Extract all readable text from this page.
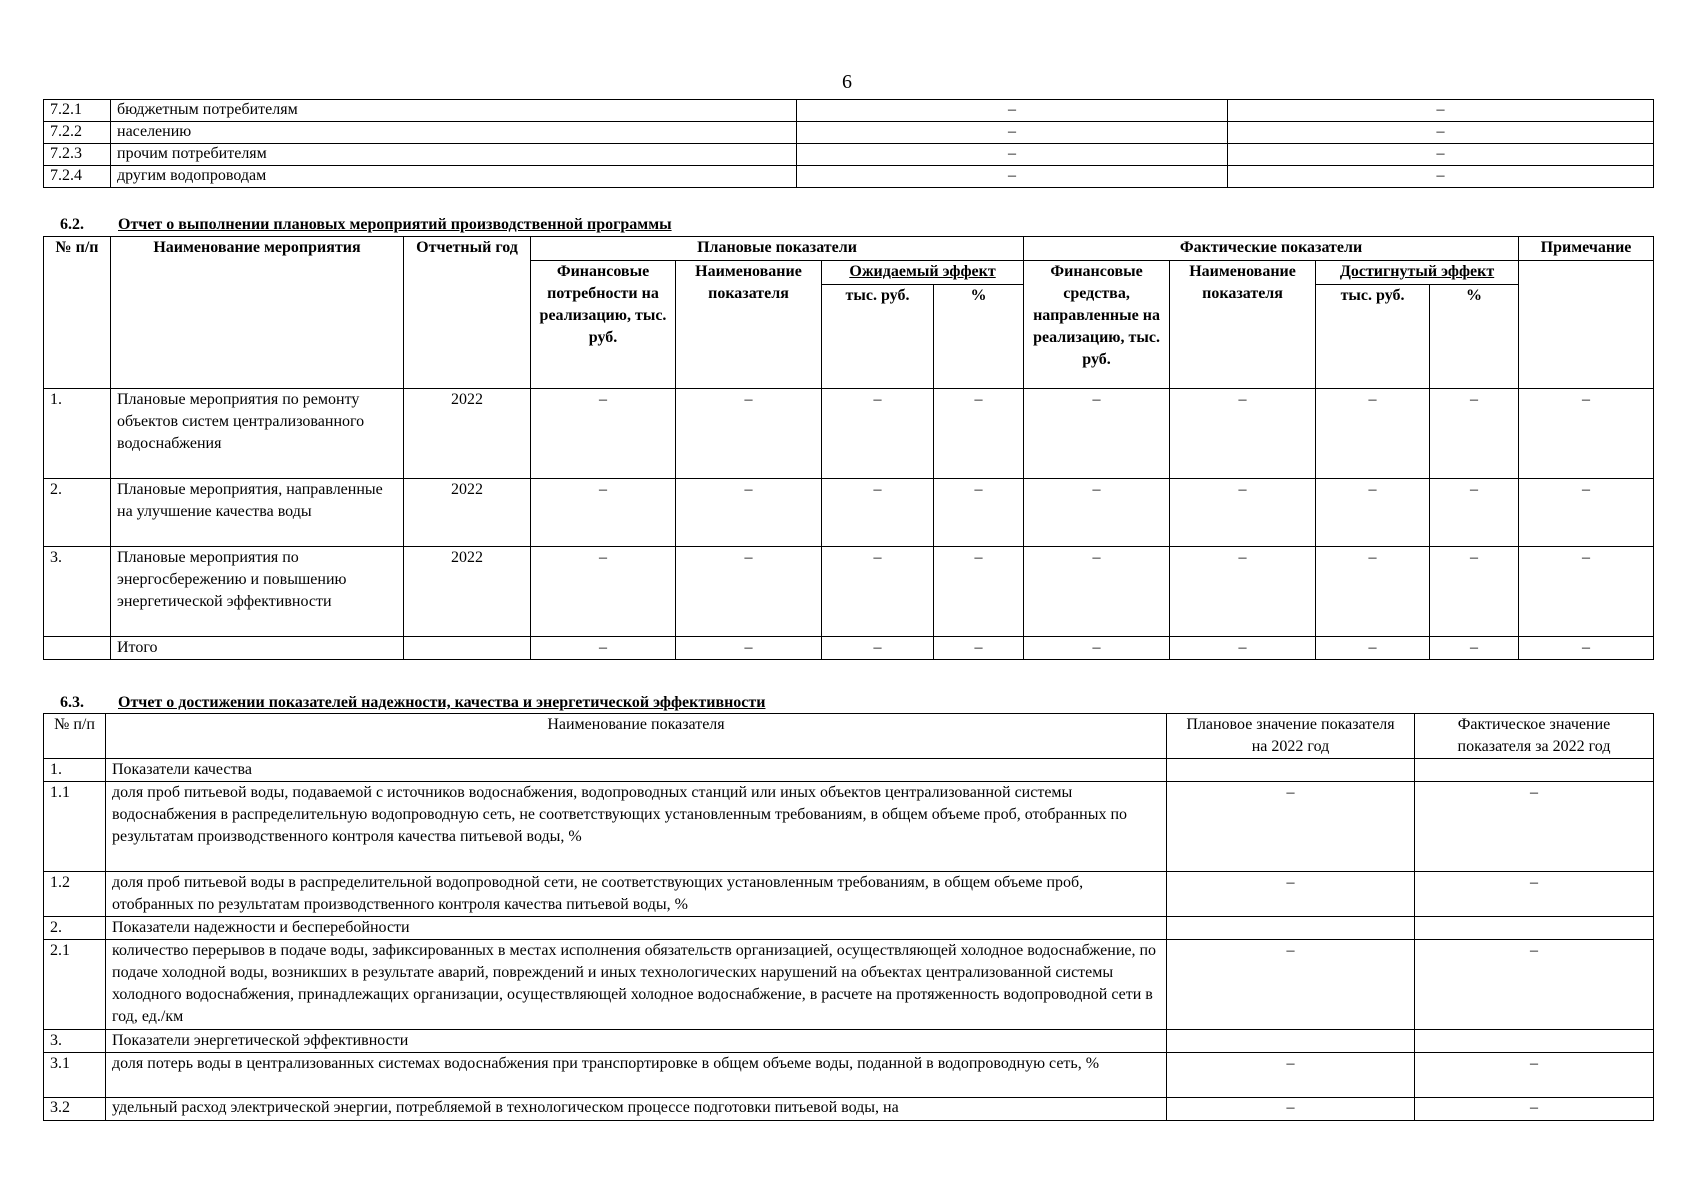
6
7.2.1	бюджетным потребителям	–	–
7.2.2	населению	–	–
7.2.3	прочим потребителям	–	–
7.2.4	другим водопроводам	–	–
6.2. Отчет о выполнении плановых мероприятий производственной программы
№ п/п	Наименование мероприятия	Отчетный год	Плановые показатели				Фактические показатели				Примечание
			Финансовые потребности на реализацию, тыс. руб.	Наименование показателя	Ожидаемый эффект		Финансовые средства, направленные на реализацию, тыс. руб.	Наименование показателя	Достигнутый эффект		
					тыс. руб.	%			тыс. руб.	%	
1.	Плановые мероприятия по ремонту объектов систем централизованного водоснабжения	2022	–	–	–	–	–	–	–	–	–
2.	Плановые мероприятия, направленные на улучшение качества воды	2022	–	–	–	–	–	–	–	–	–
3.	Плановые мероприятия по энергосбережению и повышению энергетической эффективности	2022	–	–	–	–	–	–	–	–	–
	Итого		–	–	–	–	–	–	–	–	–
6.3. Отчет о достижении показателей надежности, качества и энергетической эффективности
№ п/п	Наименование показателя	Плановое значение показателя на 2022 год	Фактическое значение показателя за 2022 год
1.	Показатели качества		
1.1	доля проб питьевой воды, подаваемой с источников водоснабжения, водопроводных станций или иных объектов централизованной системы водоснабжения в распределительную водопроводную сеть, не соответствующих установленным требованиям, в общем объеме проб, отобранных по результатам производственного контроля качества питьевой воды, %	–	–
1.2	доля проб питьевой воды в распределительной водопроводной сети, не соответствующих установленным требованиям, в общем объеме проб, отобранных по результатам производственного контроля качества питьевой воды, %	–	–
2.	Показатели надежности и бесперебойности		
2.1	количество перерывов в подаче воды, зафиксированных в местах исполнения обязательств организацией, осуществляющей холодное водоснабжение, по подаче холодной воды, возникших в результате аварий, повреждений и иных технологических нарушений на объектах централизованной системы холодного водоснабжения, принадлежащих организации, осуществляющей холодное водоснабжение, в расчете на протяженность водопроводной сети в год, ед./км	–	–
3.	Показатели энергетической эффективности		
3.1	доля потерь воды в централизованных системах водоснабжения при транспортировке в общем объеме воды, поданной в водопроводную сеть, %	–	–
3.2	удельный расход электрической энергии, потребляемой в технологическом процессе подготовки питьевой воды, на	–	–
